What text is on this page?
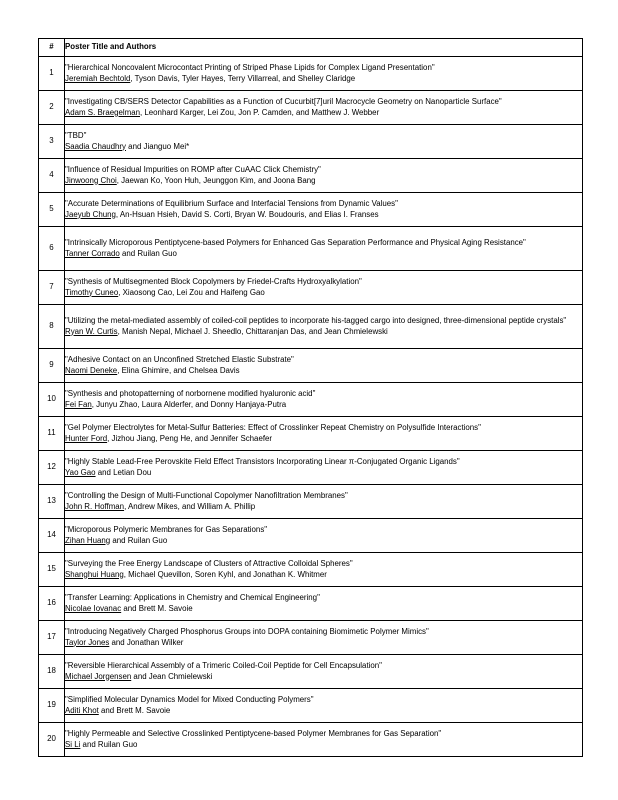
#	Poster Title and Authors
1	"Hierarchical Noncovalent Microcontact Printing of Striped Phase Lipids for Complex Ligand Presentation"
Jeremiah Bechtold, Tyson Davis, Tyler Hayes, Terry Villarreal, and Shelley Claridge

2	"Investigating CB/SERS Detector Capabilities as a Function of Cucurbit[7]uril Macrocycle Geometry on Nanoparticle Surface"
Adam S. Braegelman, Leonhard Karger, Lei Zou, Jon P. Camden, and Matthew J. Webber

3	"TBD"
Saadia Chaudhry and Jianguo Mei*

4	"Influence of Residual Impurities on ROMP after CuAAC Click Chemistry"
Jinwoong Choi, Jaewan Ko, Yoon Huh, Jeunggon Kim, and Joona Bang

5	"Accurate Determinations of Equilibrium Surface and Interfacial Tensions from Dynamic Values"
Jaeyub Chung, An-Hsuan Hsieh, David S. Corti, Bryan W. Boudouris, and Elias I. Franses

6	"Intrinsically Microporous Pentiptycene-based Polymers for Enhanced Gas Separation Performance and Physical Aging Resistance"
Tanner Corrado and Ruilan Guo

7	"Synthesis of Multisegmented Block Copolymers by Friedel-Crafts Hydroxyalkylation"
Timothy Cuneo, Xiaosong Cao, Lei Zou and Haifeng Gao

8	"Utilizing the metal-mediated assembly of coiled-coil peptides to incorporate his-tagged cargo into designed, three-dimensional peptide crystals"
Ryan W. Curtis, Manish Nepal, Michael J. Sheedlo, Chittaranjan Das, and Jean Chmielewski

9	"Adhesive Contact on an Unconfined Stretched Elastic Substrate"
Naomi Deneke, Elina Ghimire, and Chelsea Davis

10	"Synthesis and photopatterning of norbornene modified hyaluronic acid"
Fei Fan, Junyu Zhao, Laura Alderfer, and Donny Hanjaya-Putra

11	"Gel Polymer Electrolytes for Metal-Sulfur Batteries: Effect of Crosslinker Repeat Chemistry on Polysulfide Interactions"
Hunter Ford, Jizhou Jiang, Peng He, and Jennifer Schaefer

12	"Highly Stable Lead-Free Perovskite Field Effect Transistors Incorporating Linear π-Conjugated Organic Ligands"
Yao Gao and Letian Dou

13	"Controlling the Design of Multi-Functional Copolymer Nanofiltration Membranes"
John R. Hoffman, Andrew Mikes, and William A. Phillip

14	"Microporous Polymeric Membranes for Gas Separations"
Zihan Huang and Ruilan Guo

15	"Surveying the Free Energy Landscape of Clusters of Attractive Colloidal Spheres"
Shanghui Huang, Michael Quevillon, Soren Kyhl, and Jonathan K. Whitmer

16	"Transfer Learning: Applications in Chemistry and Chemical Engineering"
Nicolae Iovanac and Brett M. Savoie

17	"Introducing Negatively Charged Phosphorus Groups into DOPA containing Biomimetic Polymer Mimics"
Taylor Jones and Jonathan Wilker

18	"Reversible Hierarchical Assembly of a Trimeric Coiled-Coil Peptide for Cell Encapsulation"
Michael Jorgensen and Jean Chmielewski

19	"Simplified Molecular Dynamics Model for Mixed Conducting Polymers"
Aditi Khot and Brett M. Savoie

20	"Highly Permeable and Selective Crosslinked Pentiptycene-based Polymer Membranes for Gas Separation"
Si Li and Ruilan Guo
